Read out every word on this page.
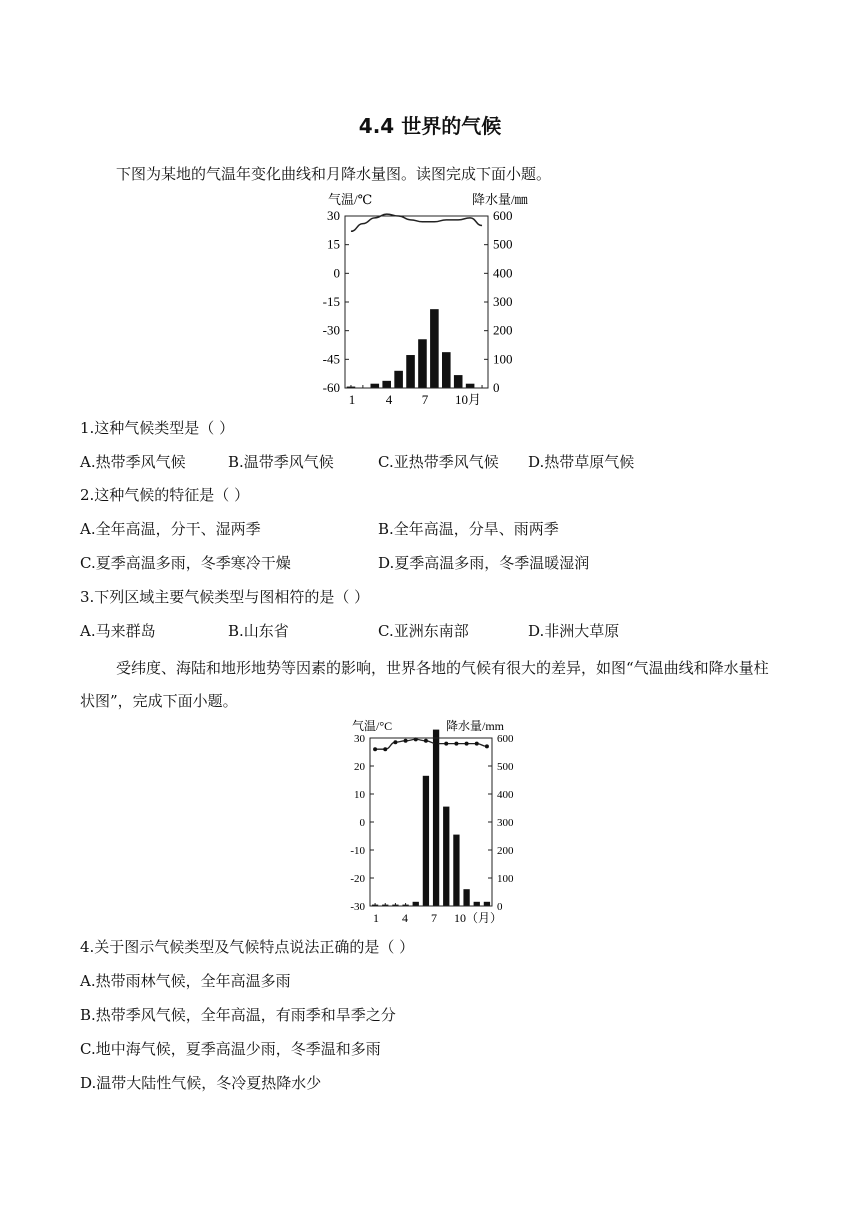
4.4 世界的气候
下图为某地的气温年变化曲线和月降水量图。读图完成下面小题。
气温/℃	降水量/㎜
30
15
0
-15
-30
-45
-60
600
500
400
300
200
100
0
1 4 7 10月
1.这种气候类型是（ ）
A.热带季风气候	B.温带季风气候	C.亚热带季风气候 D.热带草原气候
2.这种气候的特征是（ ）
A.全年高温，分干、湿两季	B.全年高温，分旱、雨两季
C.夏季高温多雨，冬季寒冷干燥	D.夏季高温多雨，冬季温暖湿润
3.下列区域主要气候类型与图相符的是（ ）
A.马来群岛	B.山东省	C.亚洲东南部	D.非洲大草原
受纬度、海陆和地形地势等因素的影响，世界各地的气候有很大的差异，如图“气温曲线和降水量柱状图”，完成下面小题。
气温/°C	降水量/mm
30
20
10
0
-10
-20
-30
600
500
400
300
200
100
0
1 4 7 10（月）
4.关于图示气候类型及气候特点说法正确的是（ ）
A.热带雨林气候，全年高温多雨
B.热带季风气候，全年高温，有雨季和旱季之分
C.地中海气候，夏季高温少雨，冬季温和多雨
D.温带大陆性气候，冬冷夏热降水少
